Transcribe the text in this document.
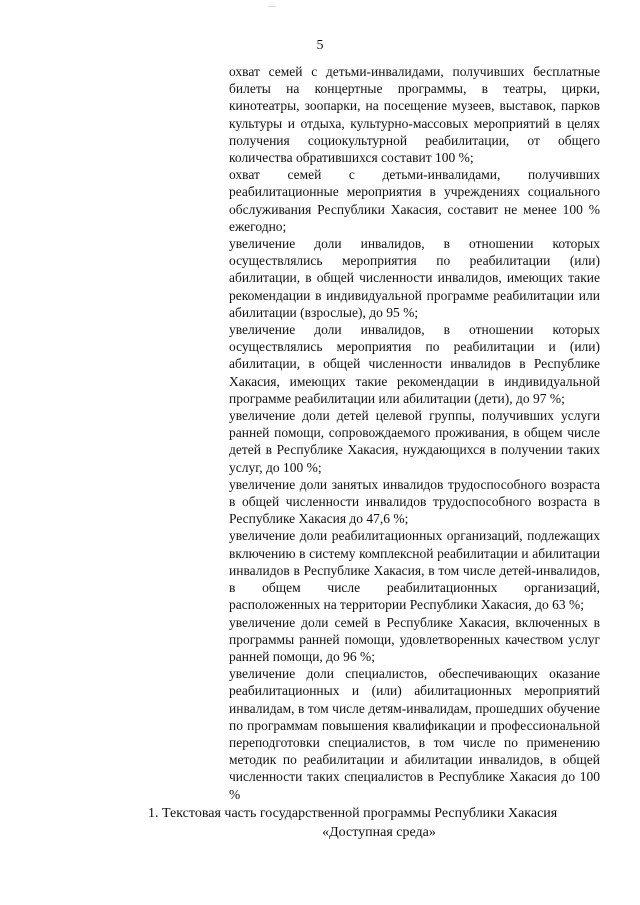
5

охват семей с детьми-инвалидами, получивших бесплатные билеты на концертные программы, в театры, цирки, кинотеатры, зоопарки, на посещение музеев, выставок, парков культуры и отдыха, культурно-массовых мероприятий в целях получения социокультурной реабилитации, от общего количества обратившихся составит 100 %;

охват семей с детьми-инвалидами, получивших реабилитационные мероприятия в учреждениях социального обслуживания Республики Хакасия, составит не менее 100 % ежегодно;

увеличение доли инвалидов, в отношении которых осуществлялись мероприятия по реабилитации (или) абилитации, в общей численности инвалидов, имеющих такие рекомендации в индивидуальной программе реабилитации или абилитации (взрослые), до 95 %;

увеличение доли инвалидов, в отношении которых осуществлялись мероприятия по реабилитации и (или) абилитации, в общей численности инвалидов в Республике Хакасия, имеющих такие рекомендации в индивидуальной программе реабилитации или абилитации (дети), до 97 %;

увеличение доли детей целевой группы, получивших услуги ранней помощи, сопровождаемого проживания, в общем числе детей в Республике Хакасия, нуждающихся в получении таких услуг, до 100 %;

увеличение доли занятых инвалидов трудоспособного возраста в общей численности инвалидов трудоспособного возраста в Республике Хакасия до 47,6 %;

увеличение доли реабилитационных организаций, подлежащих включению в систему комплексной реабилитации и абилитации инвалидов в Республике Хакасия, в том числе детей-инвалидов, в общем числе реабилитационных организаций, расположенных на территории Республики Хакасия, до 63 %;

увеличение доли семей в Республике Хакасия, включенных в программы ранней помощи, удовлетворенных качеством услуг ранней помощи, до 96 %;

увеличение доли специалистов, обеспечивающих оказание реабилитационных и (или) абилитационных мероприятий инвалидам, в том числе детям-инвалидам, прошедших обучение по программам повышения квалификации и профессиональной переподготовки специалистов, в том числе по применению методик по реабилитации и абилитации инвалидов, в общей численности таких специалистов в Республике Хакасия до 100 %

1. Текстовая часть государственной программы Республики Хакасия
«Доступная среда»
